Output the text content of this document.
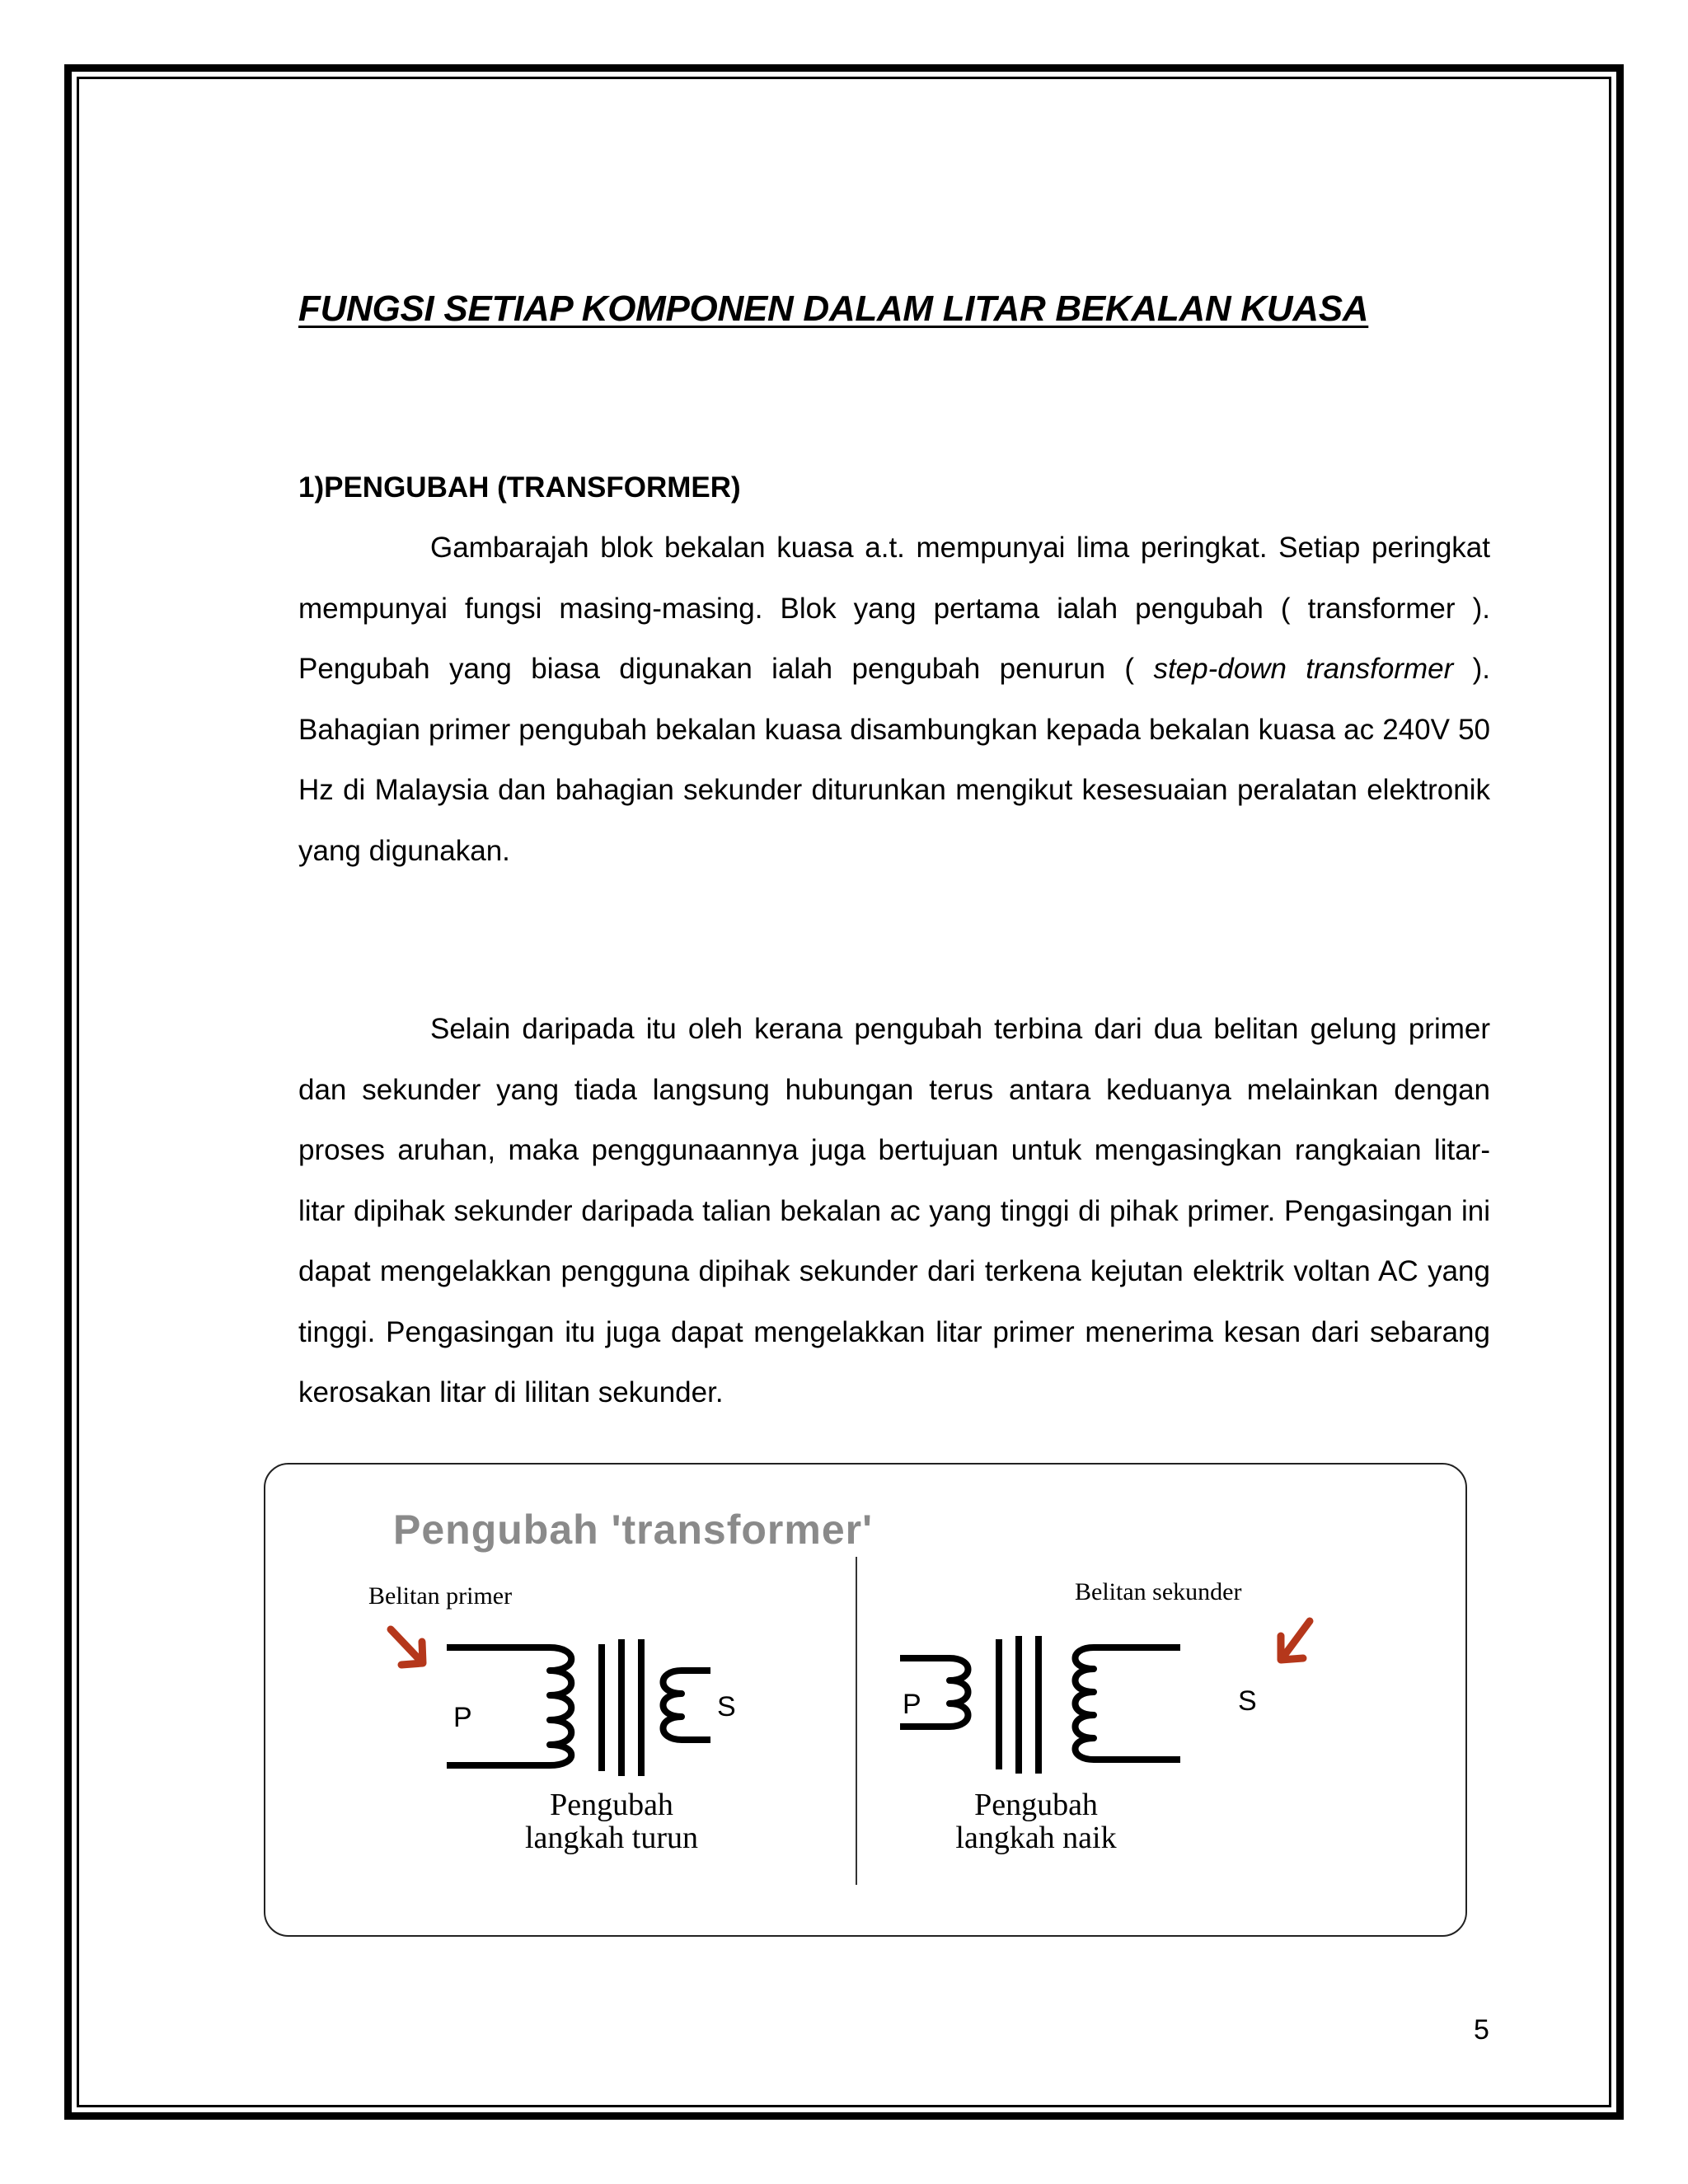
FUNGSI SETIAP KOMPONEN DALAM LITAR BEKALAN KUASA
1)PENGUBAH (TRANSFORMER)

Gambarajah blok bekalan kuasa a.t. mempunyai lima peringkat. Setiap peringkat mempunyai fungsi masing-masing. Blok yang pertama ialah pengubah ( transformer ). Pengubah yang biasa digunakan ialah pengubah penurun ( step-down transformer ). Bahagian primer pengubah bekalan kuasa disambungkan kepada bekalan kuasa ac 240V 50 Hz di Malaysia dan bahagian sekunder diturunkan mengikut kesesuaian peralatan elektronik yang digunakan.

Selain daripada itu oleh kerana pengubah terbina dari dua belitan gelung primer dan sekunder yang tiada langsung hubungan terus antara keduanya melainkan dengan proses aruhan, maka penggunaannya juga bertujuan untuk mengasingkan rangkaian litar-litar dipihak sekunder daripada talian bekalan ac yang tinggi di pihak primer. Pengasingan ini dapat mengelakkan pengguna dipihak sekunder dari terkena kejutan elektrik voltan AC yang tinggi. Pengasingan itu juga dapat mengelakkan litar primer menerima kesan dari sebarang kerosakan litar di lilitan sekunder.

Pengubah 'transformer'
Belitan primer	Belitan sekunder
P	S	P	S
Pengubah
langkah turun
Pengubah
langkah naik

5
